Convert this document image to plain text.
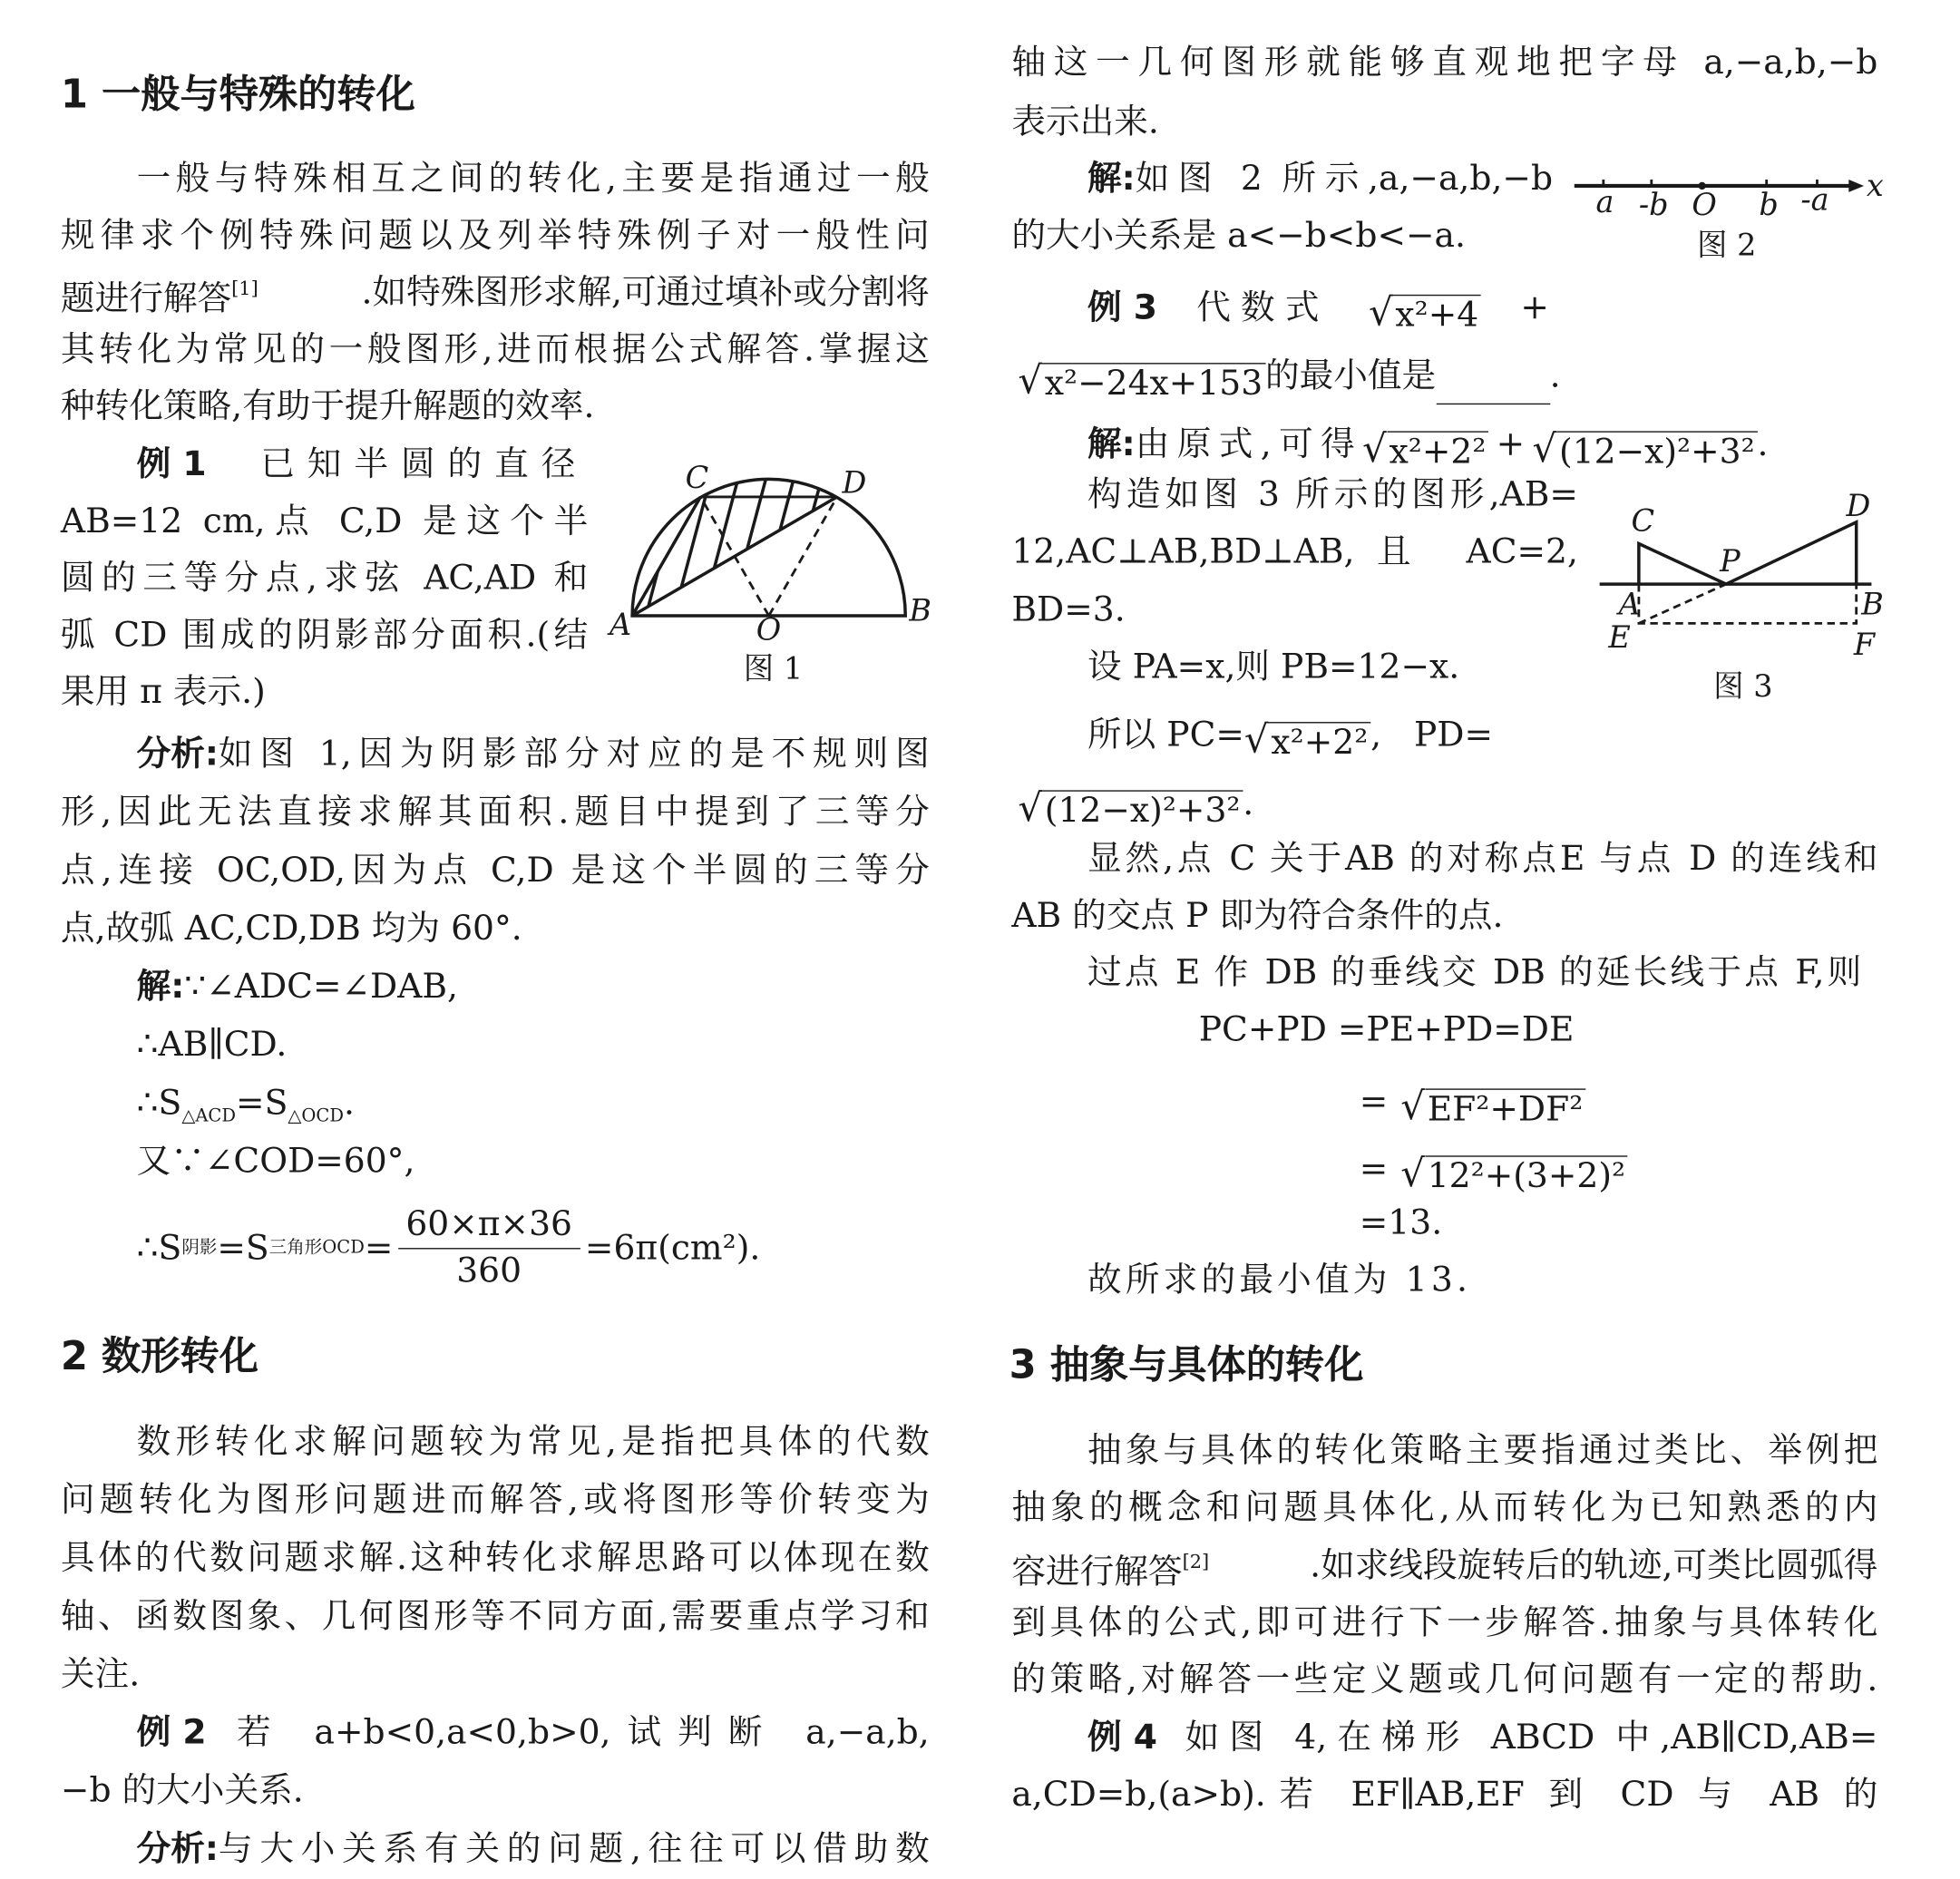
1 一般与特殊的转化
一般与特殊相互之间的转化,主要是指通过一般
规律求个例特殊问题以及列举特殊例子对一般性问
题进行解答[1]	.如特殊图形求解,可通过填补或分割将
其转化为常见的一般图形,进而根据公式解答.掌握这
种转化策略,有助于提升解题的效率.
例 1 已知半圆的直径
AB=12 cm,点 C,D 是这个半
圆的三等分点,求弦 AC,AD 和
弧 CD 围成的阴影部分面积.(结
果用 π 表示.)
A	B
C	D
O
图 1
分析: 如图 1,因为阴影部分对应的是不规则图
形,因此无法直接求解其面积.题目中提到了三等分
点,连接 OC,OD,因为点 C,D 是这个半圆的三等分
点,故弧 AC,CD,DB 均为 60°.
解:∵∠ADC=∠DAB,
∴AB∥CD.
$\therefore S_{\triangle ACD}=S_{\triangle OCD}$.
又∵∠COD=60°,
∴S 阴影 =S 三角形OCD = $\frac{60\times\pi\times 36}{360} =6\pi(cm^2)$.
2 数形转化
数形转化求解问题较为常见,是指把具体的代数
问题转化为图形问题进而解答,或将图形等价转变为
具体的代数问题求解.这种转化求解思路可以体现在数
轴、函数图象、几何图形等不同方面,需要重点学习和
关注.
例 2 若 a+b<0,a<0,b>0,试判断 a,−a,b,
−b 的大小关系.
分析: 与大小关系有关的问题,往往可以借助数
轴这一几何图形就能够直观地把字母 a,−a,b,−b
表示出来.
解: 如图 2 所示,a,−a,b,−b
的大小关系是 a<−b<b<−a.
a -b O b -a x
图 2
例 3 代数式 √ x²+4 +
√ x²−24x+153 的最小值是	.
解: 由原式,可得 √ x²+2² + √ (12−x)²+3² .
构造如图 3 所示的图形,AB=
12,AC⊥AB,BD⊥AB,且 AC=2,
BD=3.
设 PA=x,则 PB=12−x.
C	D
P
A	B
E	F
图 3
所以 PC= √ x²+2² ,   PD=
√ (12−x)²+3² .
显然,点 C 关于AB 的对称点E 与点 D 的连线和
AB 的交点 P 即为符合条件的点.
过点 E 作 DB 的垂线交 DB 的延长线于点 F,则
PC+PD =PE+PD=DE
= √ EF²+DF²
= √ 12²+(3+2)²
=13.
故所求的最小值为 13.
3 抽象与具体的转化
抽象与具体的转化策略主要指通过类比、举例把
抽象的概念和问题具体化,从而转化为已知熟悉的内
容进行解答[2]	.如求线段旋转后的轨迹,可类比圆弧得
到具体的公式,即可进行下一步解答.抽象与具体转化
的策略,对解答一些定义题或几何问题有一定的帮助.
例 4 如图 4,在梯形 ABCD 中,AB∥CD,AB=
a,CD=b,(a>b).若 EF∥AB,EF 到 CD 与 AB 的
